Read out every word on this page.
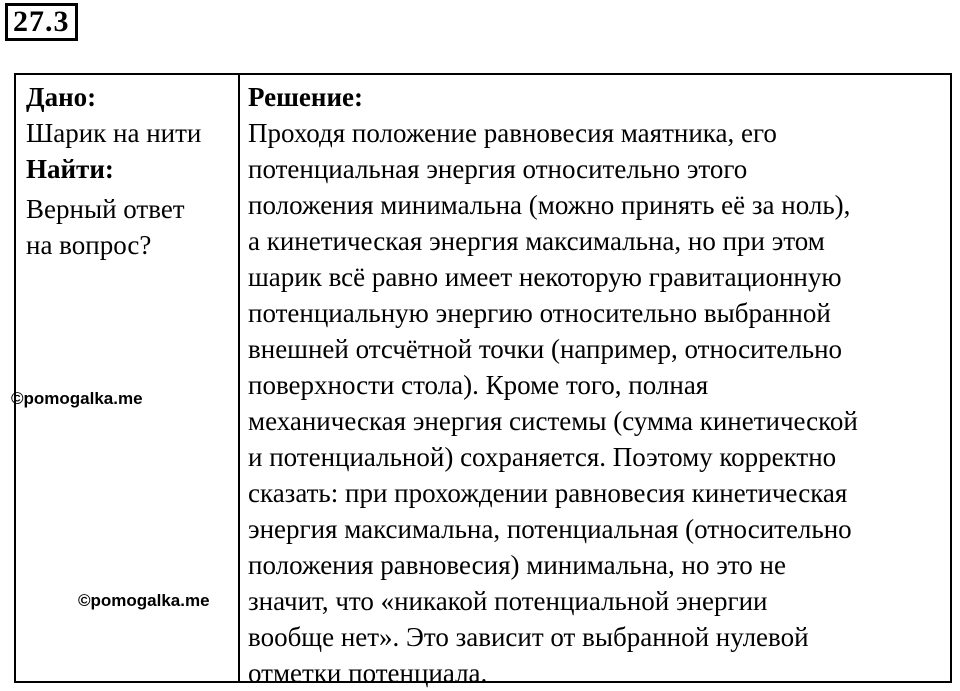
27.3
Дано:
Шарик на нити
Найти:
Верный ответ
на вопрос?
Решение:
Проходя положение равновесия маятника, его
потенциальная энергия относительно этого
положения минимальна (можно принять её за ноль),
а кинетическая энергия максимальна, но при этом
шарик всё равно имеет некоторую гравитационную
потенциальную энергию относительно выбранной
внешней отсчётной точки (например, относительно
поверхности стола). Кроме того, полная
механическая энергия системы (сумма кинетической
и потенциальной) сохраняется. Поэтому корректно
сказать: при прохождении равновесия кинетическая
энергия максимальна, потенциальная (относительно
положения равновесия) минимальна, но это не
значит, что «никакой потенциальной энергии
вообще нет». Это зависит от выбранной нулевой
отметки потенциала.
©pomogalka.me
©pomogalka.me
